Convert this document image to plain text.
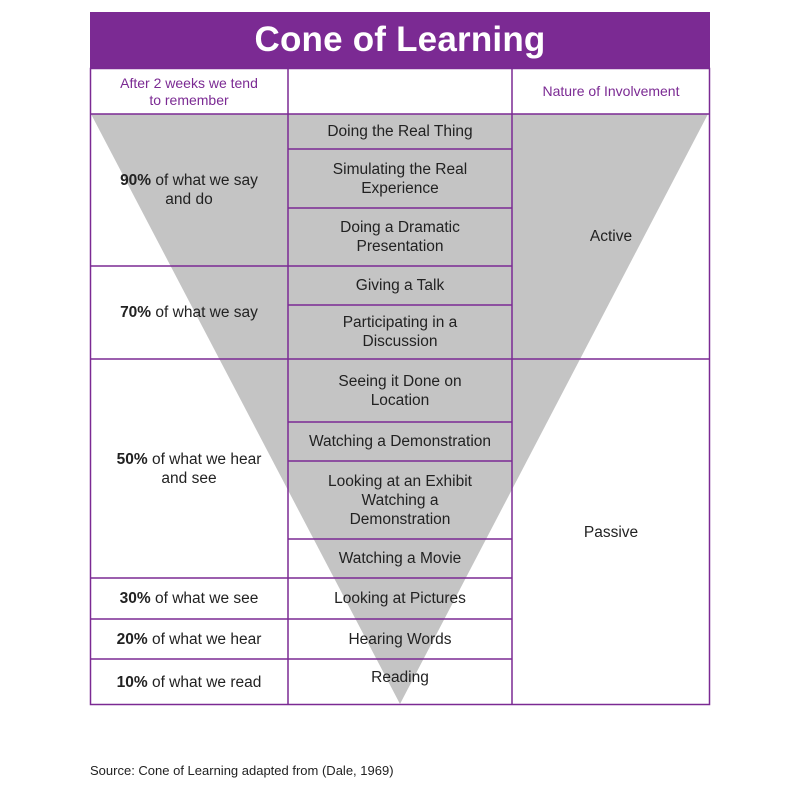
Cone of Learning
After 2 weeks we tend to remember
Nature of Involvement
90% of what we say and do
70% of what we say
50% of what we hear and see
30% of what we see
20% of what we hear
10% of what we read
Doing the Real Thing
Simulating the Real Experience
Doing a Dramatic Presentation
Giving a Talk
Participating in a Discussion
Seeing it Done on Location
Watching a Demonstration
Looking at an Exhibit Watching a Demonstration
Watching a Movie
Looking at Pictures
Hearing Words
Reading
Active
Passive
Source: Cone of Learning adapted from (Dale, 1969)
